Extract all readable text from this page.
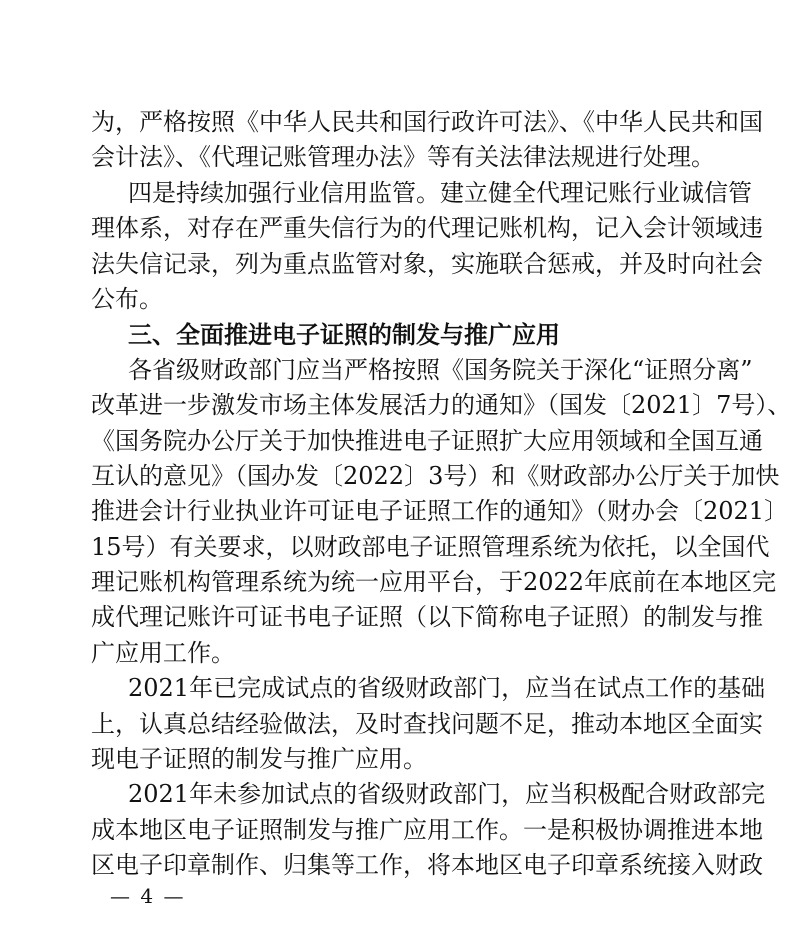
为，严格按照《中华人民共和国行政许可法》、《中华人民共和国
会计法》、《代理记账管理办法》等有关法律法规进行处理。
四是持续加强行业信用监管。建立健全代理记账行业诚信管
理体系，对存在严重失信行为的代理记账机构，记入会计领域违
法失信记录，列为重点监管对象，实施联合惩戒，并及时向社会
公布。
三、全面推进电子证照的制发与推广应用
各省级财政部门应当严格按照《国务院关于深化“证照分离”
改革进一步激发市场主体发展活力的通知》（国发〔2021〕7号）、
《国务院办公厅关于加快推进电子证照扩大应用领域和全国互通
互认的意见》（国办发〔2022〕3号）和《财政部办公厅关于加快
推进会计行业执业许可证电子证照工作的通知》（财办会〔2021〕
15号）有关要求，以财政部电子证照管理系统为依托，以全国代
理记账机构管理系统为统一应用平台，于2022年底前在本地区完
成代理记账许可证书电子证照（以下简称电子证照）的制发与推
广应用工作。
2021年已完成试点的省级财政部门，应当在试点工作的基础
上，认真总结经验做法，及时查找问题不足，推动本地区全面实
现电子证照的制发与推广应用。
2021年未参加试点的省级财政部门，应当积极配合财政部完
成本地区电子证照制发与推广应用工作。一是积极协调推进本地
区电子印章制作、归集等工作，将本地区电子印章系统接入财政
— 4 —
